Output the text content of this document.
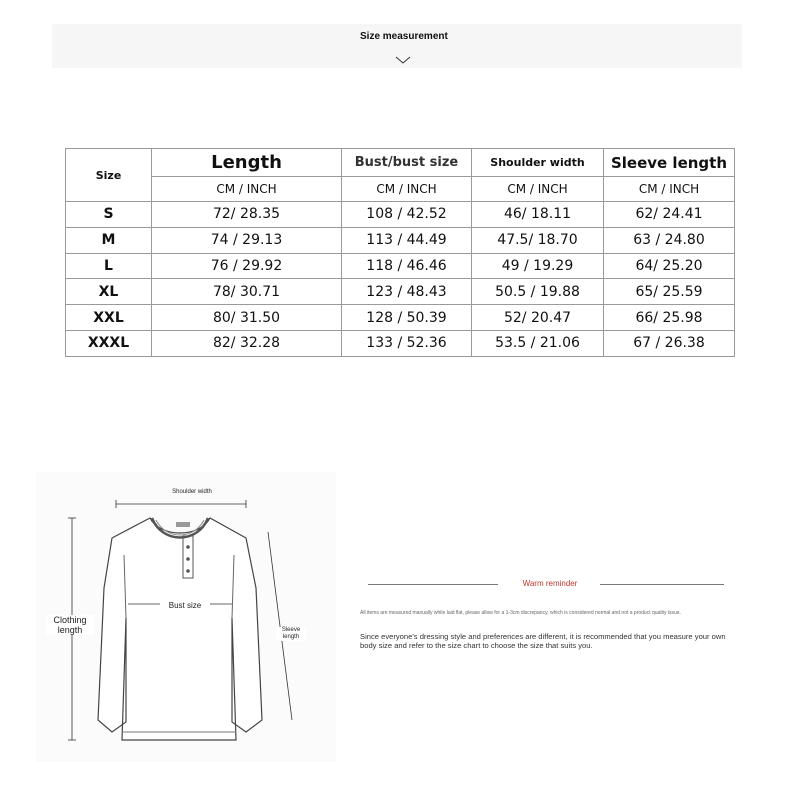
Size measurement
Size	Length	Bust/bust size	Shoulder width	Sleeve length
	CM / INCH	CM / INCH	CM / INCH	CM / INCH
S	72/ 28.35	108 / 42.52	46/ 18.11	62/ 24.41
M	74 / 29.13	113 / 44.49	47.5/ 18.70	63 / 24.80
L	76 / 29.92	118 / 46.46	49 / 19.29	64/ 25.20
XL	78/ 30.71	123 / 48.43	50.5 / 19.88	65/ 25.59
XXL	80/ 31.50	128 / 50.39	52/ 20.47	66/ 25.98
XXXL	82/ 32.28	133 / 52.36	53.5 / 21.06	67 / 26.38
Shoulder width
Bust size
Clothing length	Sleeve length
Warm reminder
All items are measured manually while laid flat, please allow for a 1-3cm discrepancy, which is considered normal and not a product quality issue.
Since everyone's dressing style and preferences are different, it is recommended that you measure your own body size and refer to the size chart to choose the size that suits you.
